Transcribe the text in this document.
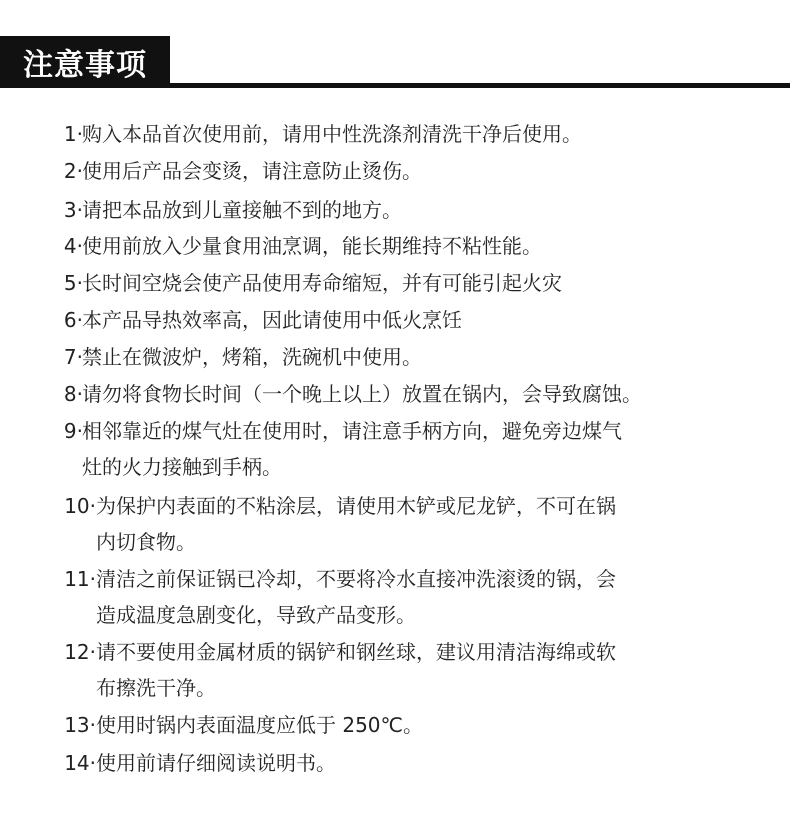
注意事项
1· 购入本品首次使用前，请用中性洗涤剂清洗干净后使用。
2· 使用后产品会变烫，请注意防止烫伤。
3· 请把本品放到儿童接触不到的地方。
4· 使用前放入少量食用油烹调，能长期维持不粘性能。
5· 长时间空烧会使产品使用寿命缩短，并有可能引起火灾
6· 本产品导热效率高，因此请使用中低火烹饪
7· 禁止在微波炉，烤箱，洗碗机中使用。
8· 请勿将食物长时间（一个晚上以上）放置在锅内，会导致腐蚀。
9· 相邻靠近的煤气灶在使用时，请注意手柄方向，避免旁边煤气
灶的火力接触到手柄。
10· 为保护内表面的不粘涂层，请使用木铲或尼龙铲，不可在锅
内切食物。
11· 清洁之前保证锅已冷却，不要将冷水直接冲洗滚烫的锅，会
造成温度急剧变化，导致产品变形。
12· 请不要使用金属材质的锅铲和钢丝球，建议用清洁海绵或软
布擦洗干净。
13· 使用时锅内表面温度应低于 250℃。
14· 使用前请仔细阅读说明书。
